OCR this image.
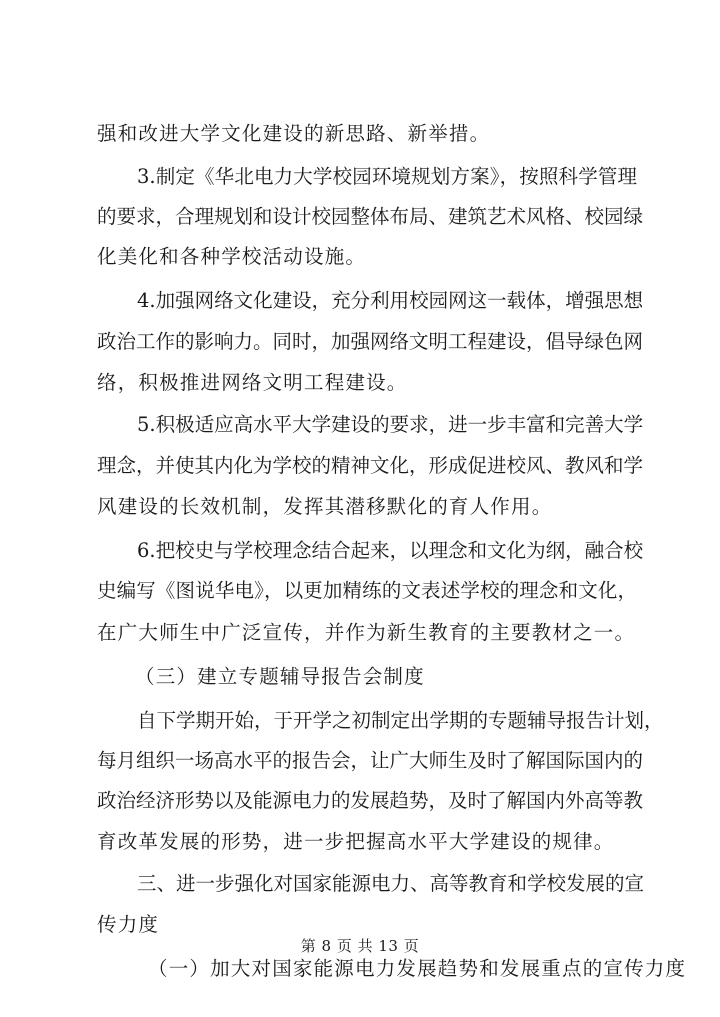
强和改进大学文化建设的新思路、新举措。
3.制定《华北电力大学校园环境规划方案》，按照科学管理
的要求，合理规划和设计校园整体布局、建筑艺术风格、校园绿
化美化和各种学校活动设施。
4.加强网络文化建设，充分利用校园网这一载体，增强思想
政治工作的影响力。同时，加强网络文明工程建设，倡导绿色网
络，积极推进网络文明工程建设。
5.积极适应高水平大学建设的要求，进一步丰富和完善大学
理念，并使其内化为学校的精神文化，形成促进校风、教风和学
风建设的长效机制，发挥其潜移默化的育人作用。
6.把校史与学校理念结合起来，以理念和文化为纲，融合校
史编写《图说华电》，以更加精练的文表述学校的理念和文化，
在广大师生中广泛宣传，并作为新生教育的主要教材之一。
（三）建立专题辅导报告会制度
自下学期开始，于开学之初制定出学期的专题辅导报告计划，
每月组织一场高水平的报告会，让广大师生及时了解国际国内的
政治经济形势以及能源电力的发展趋势，及时了解国内外高等教
育改革发展的形势，进一步把握高水平大学建设的规律。
三、进一步强化对国家能源电力、高等教育和学校发展的宣
传力度
（一）加大对国家能源电力发展趋势和发展重点的宣传力度
第 8 页 共 13 页
